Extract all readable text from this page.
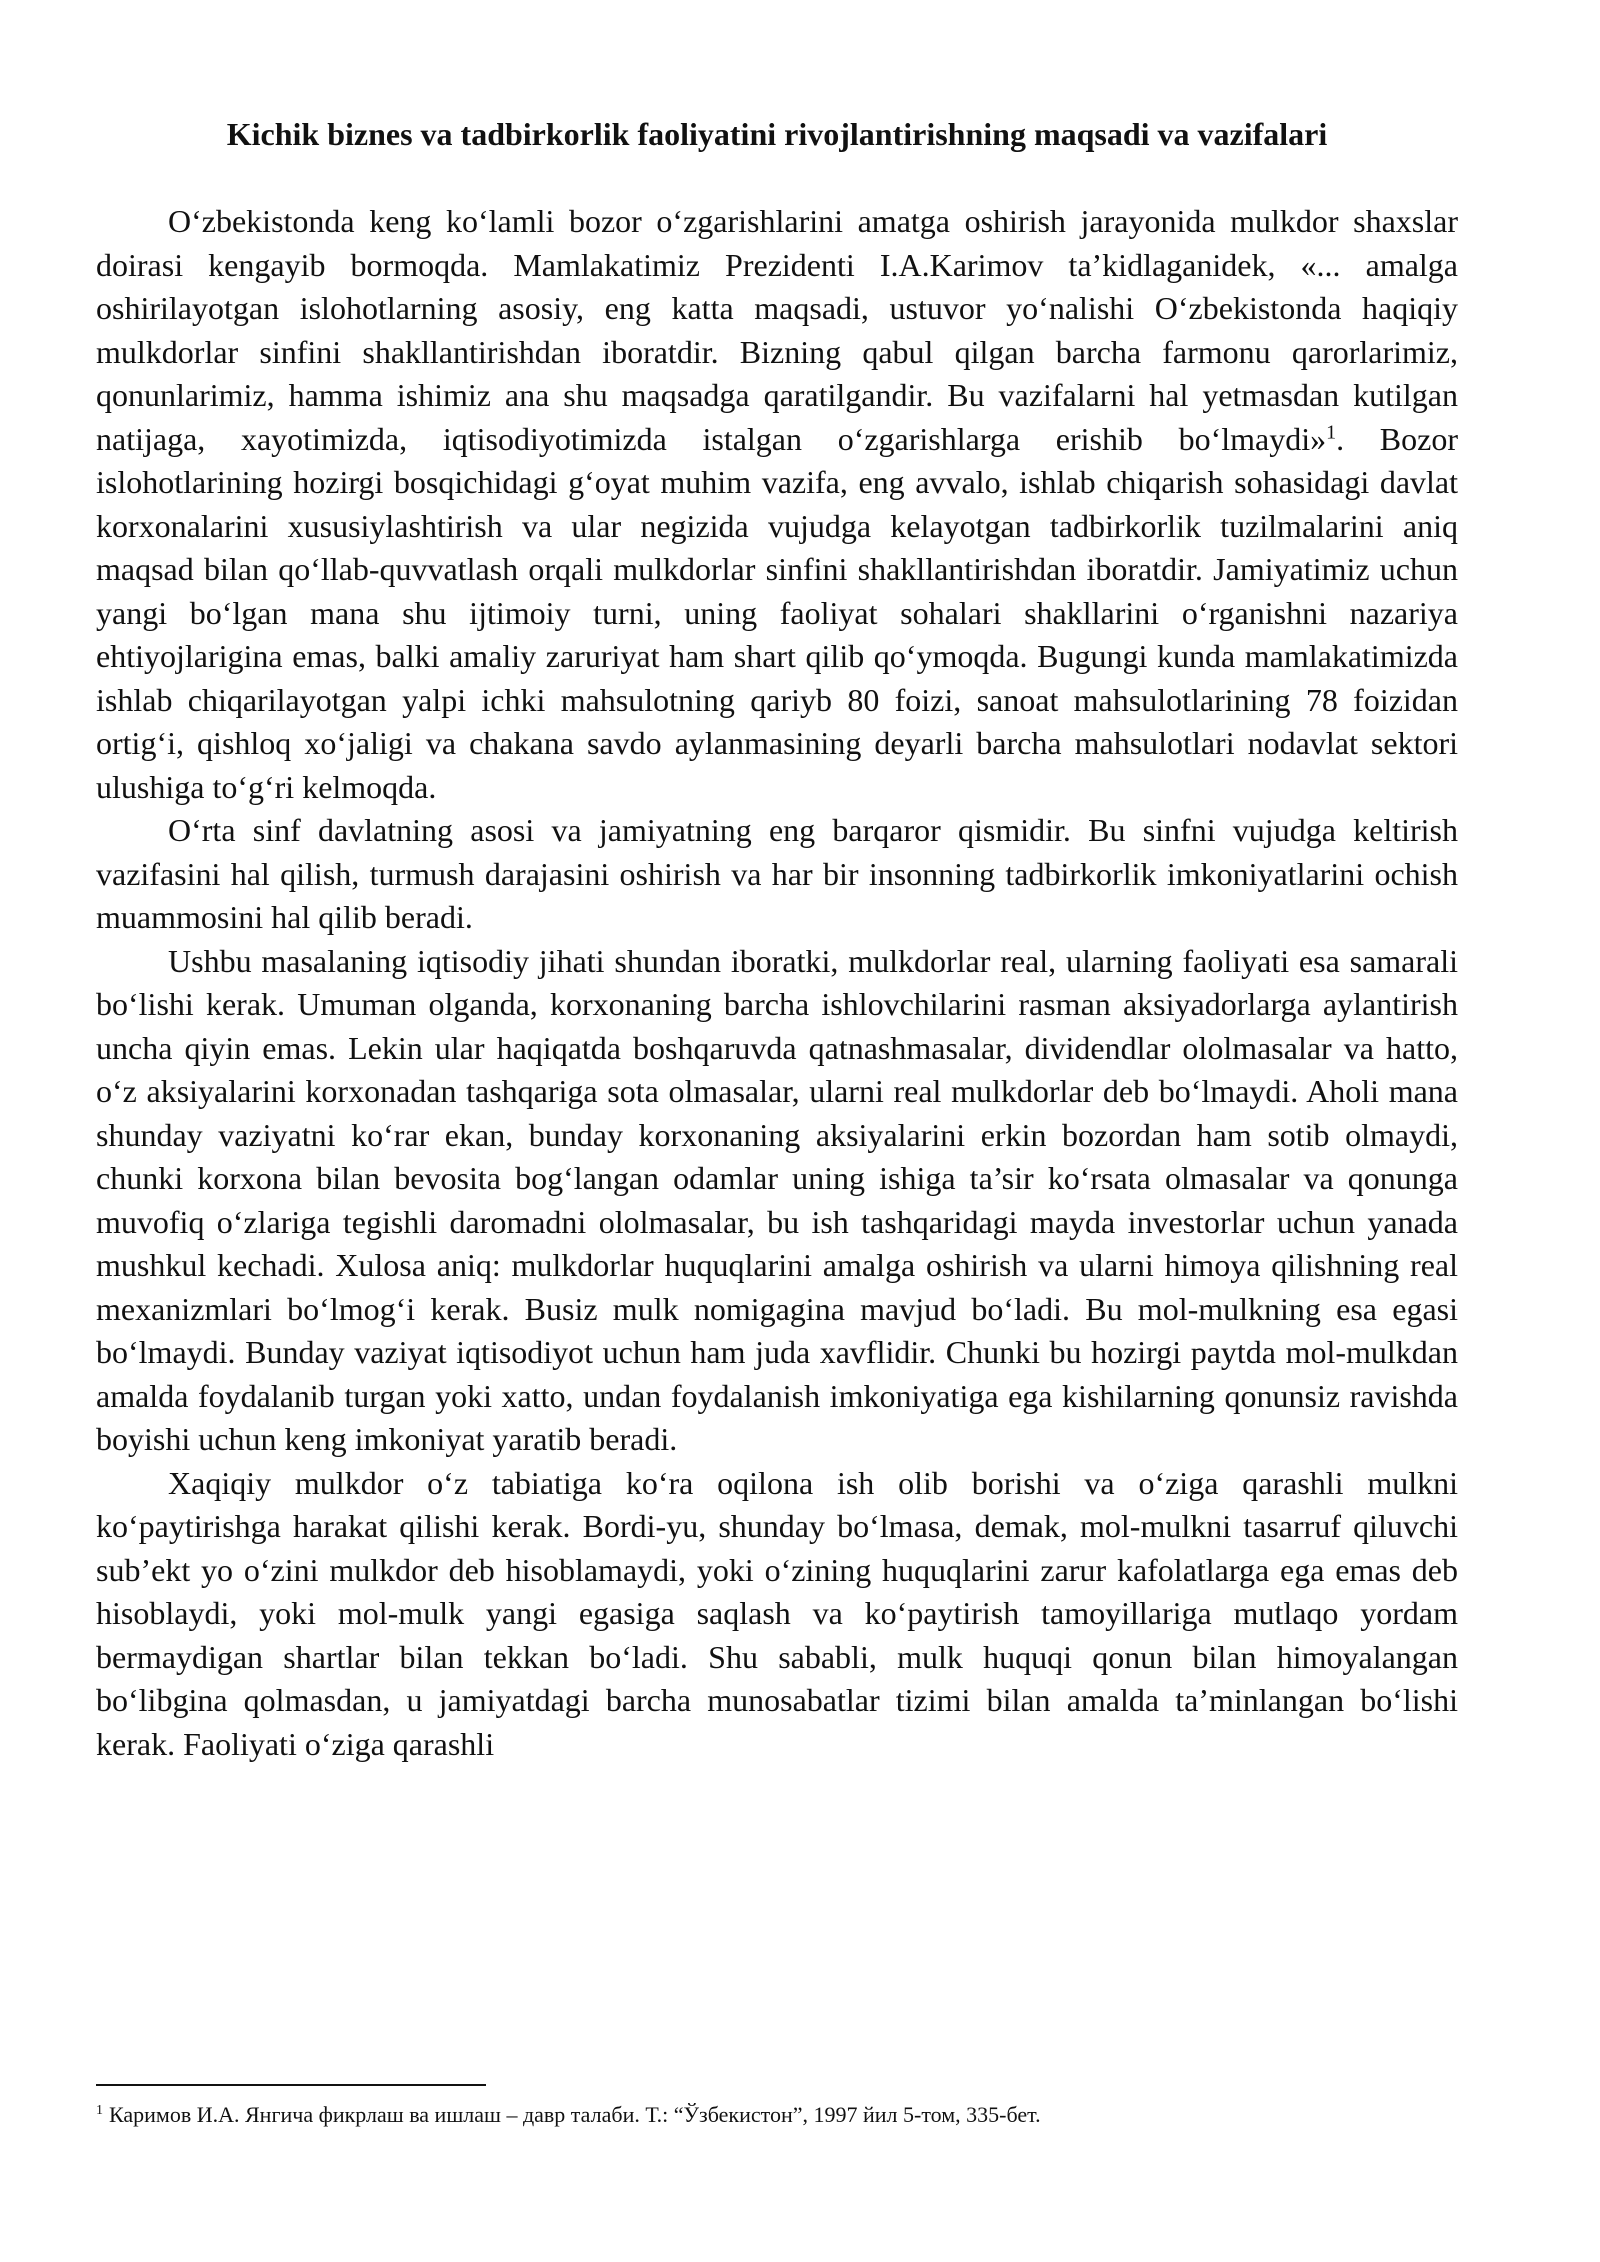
Kichik biznes va tadbirkorlik faoliyatini rivojlantirishning maqsadi va vazifalari

O‘zbekistonda keng ko‘lamli bozor o‘zgarishlarini amatga oshirish jarayonida mulkdor shaxslar doirasi kengayib bormoqda. Mamlakatimiz Prezidenti I.A.Karimov ta’kidlaganidek, «... amalga oshirilayotgan islohotlarning asosiy, eng katta maqsadi, ustuvor yo‘nalishi O‘zbekistonda haqiqiy mulkdorlar sinfini shakllantirishdan iboratdir. Bizning qabul qilgan barcha farmonu qarorlarimiz, qonunlarimiz, hamma ishimiz ana shu maqsadga qaratilgandir. Bu vazifalarni hal yetmasdan kutilgan natijaga, xayotimizda, iqtisodiyotimizda istalgan o‘zgarishlarga erishib bo‘lmaydi»$^1$. Bozor islohotlarining hozirgi bosqichidagi g‘oyat muhim vazifa, eng avvalo, ishlab chiqarish sohasidagi davlat korxonalarini xususiylashtirish va ular negizida vujudga kelayotgan tadbirkorlik tuzilmalarini aniq maqsad bilan qo‘llab-quvvatlash orqali mulkdorlar sinfini shakllantirishdan iboratdir. Jamiyatimiz uchun yangi bo‘lgan mana shu ijtimoiy turni, uning faoliyat sohalari shakllarini o‘rganishni nazariya ehtiyojlarigina emas, balki amaliy zaruriyat ham shart qilib qo‘ymoqda. Bugungi kunda mamlakatimizda ishlab chiqarilayotgan yalpi ichki mahsulotning qariyb 80 foizi, sanoat mahsulotlarining 78 foizidan ortig‘i, qishloq xo‘jaligi va chakana savdo aylanmasining deyarli barcha mahsulotlari nodavlat sektori ulushiga to‘g‘ri kelmoqda.

O‘rta sinf davlatning asosi va jamiyatning eng barqaror qismidir. Bu sinfni vujudga keltirish vazifasini hal qilish, turmush darajasini oshirish va har bir insonning tadbirkorlik imkoniyatlarini ochish muammosini hal qilib beradi.

Ushbu masalaning iqtisodiy jihati shundan iboratki, mulkdorlar real, ularning faoliyati esa samarali bo‘lishi kerak. Umuman olganda, korxonaning barcha ishlovchilarini rasman aksiyadorlarga aylantirish uncha qiyin emas. Lekin ular haqiqatda boshqaruvda qatnashmasalar, dividendlar ololmasalar va hatto, o‘z aksiyalarini korxonadan tashqariga sota olmasalar, ularni real mulkdorlar deb bo‘lmaydi. Aholi mana shunday vaziyatni ko‘rar ekan, bunday korxonaning aksiyalarini erkin bozordan ham sotib olmaydi, chunki korxona bilan bevosita bog‘langan odamlar uning ishiga ta’sir ko‘rsata olmasalar va qonunga muvofiq o‘zlariga tegishli daromadni ololmasalar, bu ish tashqaridagi mayda investorlar uchun yanada mushkul kechadi. Xulosa aniq: mulkdorlar huquqlarini amalga oshirish va ularni himoya qilishning real mexanizmlari bo‘lmog‘i kerak. Busiz mulk nomigagina mavjud bo‘ladi. Bu mol-mulkning esa egasi bo‘lmaydi. Bunday vaziyat iqtisodiyot uchun ham juda xavflidir. Chunki bu hozirgi paytda mol-mulkdan amalda foydalanib turgan yoki xatto, undan foydalanish imkoniyatiga ega kishilarning qonunsiz ravishda boyishi uchun keng imkoniyat yaratib beradi.

Xaqiqiy mulkdor o‘z tabiatiga ko‘ra oqilona ish olib borishi va o‘ziga qarashli mulkni ko‘paytirishga harakat qilishi kerak. Bordi-yu, shunday bo‘lmasa, demak, mol-mulkni tasarruf qiluvchi sub’ekt yo o‘zini mulkdor deb hisoblamaydi, yoki o‘zining huquqlarini zarur kafolatlarga ega emas deb hisoblaydi, yoki mol-mulk yangi egasiga saqlash va ko‘paytirish tamoyillariga mutlaqo yordam bermaydigan shartlar bilan tekkan bo‘ladi. Shu sababli, mulk huquqi qonun bilan himoyalangan bo‘libgina qolmasdan, u jamiyatdagi barcha munosabatlar tizimi bilan amalda ta’minlangan bo‘lishi kerak. Faoliyati o‘ziga qarashli

$^1$ Каримов И.А. Янгича фикрлаш ва ишлаш – давр талаби. Т.: “Ўзбекистон”, 1997 йил 5-том, 335-бет.
